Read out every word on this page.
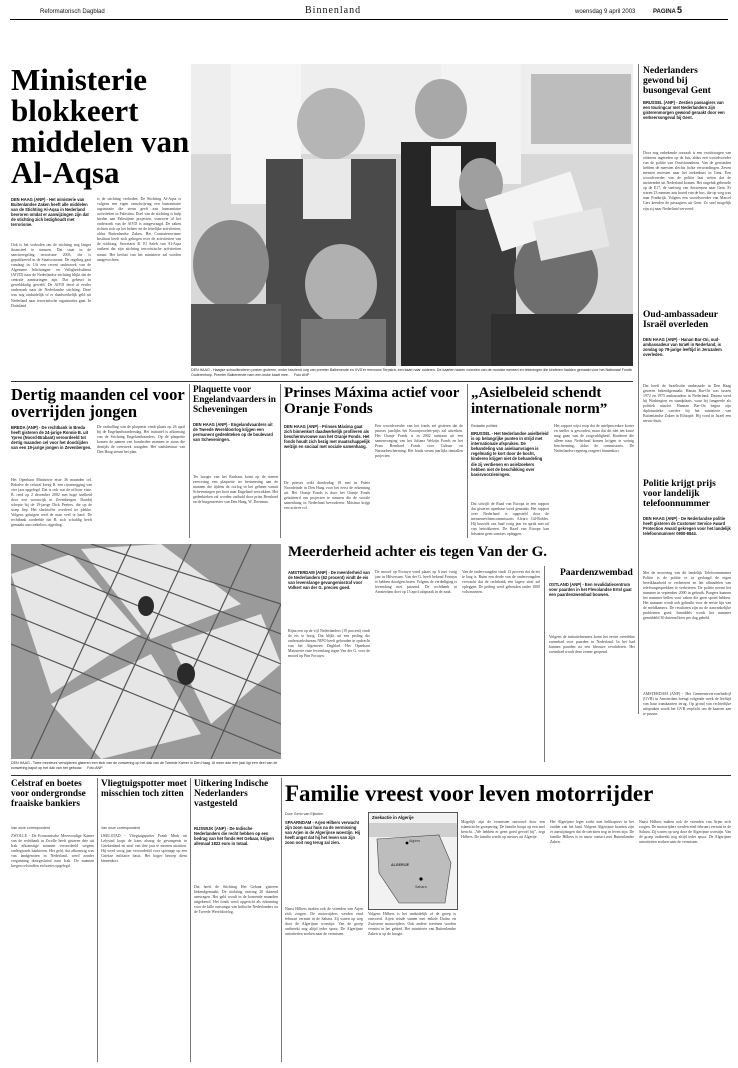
Reformatorisch Dagblad	Binnenland	woensdag 9 april 2003	PAGINA 5
Ministerie blokkeert middelen van Al-Aqsa
DEN HAAG (ANP) - Het ministerie van Buitenlandse Zaken heeft alle middelen van de Stichting Al-Aqsa in Nederland bevroren omdat er aanwijzingen zijn dat de stichting zich bezighoudt met terrorisme.
Ook is het verboden om de stichting nog langer financieel te steunen. Dat staat in de sanctieregeling terrorisme 2003, die is gepubliceerd in de Staatscourant. De regeling gaat vandaag in. Uit een recent onderzoek van de Algemene Inlichtingen- en Veiligheidsdienst (AIVD) naar de Nederlandse stichting blijkt dat de centrale aansturingen zijn. Dat gebeurt in gewelddadig geweld. De AIVD deed al eerder onderzoek naar de Nederlandse stichting. Deze was nog onduidelijk of er daadwerkelijk geld uit Nederland naar terroristische organisaties gaat. In Duitsland
is de stichting verboden. De Stichting Al-Aqsa is volgens een eigen omschrijving een humanitaire organisatie die steun geeft aan humanitaire activiteiten in Palestina. Doel van de stichting is hulp bieden aan Palestijnse projecten, waarover al het onderzoek van de AIVD is aangevraagd. De zaken richten zich op het beheer en de feitelijke activiteiten, aldus Buitenlandse Zaken. Het Contraterrorisme Instituut heeft zich gebogen over de activiteiten van de stichting. Secretaris R. El Saleh van Al-Aqsa ontkent dat zijn stichting terroristische activiteiten steunt. Het besluit van het ministerie zal worden aangevochten.
DEN HAAG - Haagse schoolkinderen posten gisteren, onder toeziend oog van premier Balkenende en VVD'er mevrouw Terpstra, een kaart naar ouderen. De kaarten waren voorzien van de mooiste wensen en tekeningen die kinderen hadden gemaakt voor het Nationaal Fonds Ouderenhulp. Premier Balkenende nam een leuke kaart mee. Foto ANP
Nederlanders gewond bij busongeval Gent
BRUSSEL (ANP) - Zestien passagiers van een touringcar met Nederlanders zijn gisterenmorgen gewond geraakt door een verkeersongeval bij Gent.
Door nog onbekende oorzaak is een vrachtwagen van achteren ingereden op de bus, aldus een woordvoerder van de politie van Oostvlaanderen. Van de gewonden hebben de meesten slechts lichte verwondingen. Zeven mensen moesten naar het ziekenhuis in Gent. Een woordvoerder van de politie laat weten dat de inzittenden uit Nederland komen. Het ongeluk gebeurde op de E17, de snelweg van Antwerpen naar Gent. Er waren 23 mensen aan boord van de bus, die op weg was naar Frankrijk. Volgens een woordvoerder van Marcel Cars keerden de passagiers uit Gent. Zo snel mogelijk zijn zij naar Nederland vervoerd.
Oud-ambassadeur Israël overleden
DEN HAAG (ANP) - Hanan Bar-On, oud-ambassadeur van Israël in Nederland, is zondag op 79-jarige leeftijd in Jeruzalem overleden.
Dat heeft de Israëlische ambassade in Den Haag gisteren bekendgemaakt. Hanan Bar-On was tussen 1972 en 1975 ambassadeur in Nederland. Daarna werd hij Washington en standplaats, waar hij fungeerde als politiek attaché. Hannan Bar-On begon zijn diplomatieke carrière bij het ministerie van Buitenlandse Zaken in Ethiopië. Hij vond in Israël een nieuw thuis.
Politie krijgt prijs voor landelijk telefoonnummer
DEN HAAG (ANP) - De Nederlandse politie heeft gisteren de Customer Service Award Protection Award gekregen voor het landelijk telefoonnummer 0900-8844.
Met de invoering van dit landelijk Telefoonnummer Politie is de politie er in geslaagd de eigen bereikbaarheid te verbeteren en het afhandelen van telefoongesprekken te verbeteren. De politie neemt het nummer in september 2000 in gebruik. Burgers kunnen het nummer bellen voor zaken die geen spoed hebben. Het nummer wordt ook gebruikt voor de eerste lijn van de meldkamers. De resultaten zijn na de aanvankelijke problemen goed. Inmiddels wordt het nummer gemiddeld 30 duizend keer per dag gebeld.
AMSTERDAM (ANP) - Het Gemeentevervoerbedrijf (GVB) in Amsterdam brengt volgende week de leeftijd van haar tramkaarten terug. Op grond van rechterlijke uitspraken wordt het GVB verplicht om de kaarten aan te passen.
Dertig maanden cel voor overrijden jongen
BREDA (ANP) - De rechtbank in Breda heeft gisteren de 24-jarige Ronnie B. uit Ypres (Noord-Brabant) veroordeeld tot dertig maanden cel voor het doodrijden van een 19-jarige jongen in Zevenbergen.
Het Openbaar Ministerie eiste 36 maanden cel. Behalve de celstraf kreeg B. een rijontzegging van vier jaar opgelegd. Dat is ook wat de officier eiste. B. reed op 2 december 2002 met hoge snelheid door een woonwijk in Zevenbergen. Daarbij schepte hij de 19-jarige Dick Peeters, die op de stoep liep. Het slachtoffer overleed ter plekke. Volgens getuigen reed de man veel te hard. De rechtbank oordeelde dat B. zich schuldig heeft gemaakt aan roekeloos rijgedrag.
De onthulling van de plaquette vindt plaats op 26 april bij de Engelandvaardersdag. Het initiatief is afkomstig van de Stichting Engelandvaarders. Op de plaquette komen de namen van honderden mannen te staan die destijds de oversteek waagden. Het stadsbestuur van Den Haag steunt het plan.
Plaquette voor Engelandvaarders in Scheveningen
DEN HAAG (ANP) - Engelandvaarders uit de Tweede Wereldoorlog krijgen een permanent gedenkteken op de boulevard van Scheveningen.
Ter hoogte van het Kurhaus komt op de stenen zeewering een plaquette ter herinnering aan de mannen die tijdens de oorlog in het geheim vanuit Scheveningen per boot naar Engeland vertrokken. Het gedenkteken zal worden onthuld door prins Bernhard en de burgemeester van Den Haag, W. Deetman.
Prinses Máxima actief voor Oranje Fonds
DEN HAAG (ANP) - Prinses Máxima gaat zich binnenkort daadwerkelijk profileren als beschermvrouwe van het Oranje Fonds. Het fonds houdt zich bezig met maatschappelijk welzijn en sociaal met sociale samenhang.
De prinses reikt donderdag 18 mei in Paleis Noordeinde in Den Haag voor het eerst de erkenning uit. Het Oranje Fonds is door het Oranje Fonds geïnitieerd om projecten te steunen die de sociale samenhang in Nederland bevorderen. Máxima krijgt een actieve rol.
Een woordvoerder van het fonds zei gisteren dat de prinses jaarlijks het Kroonjuwelen-prijs zal uitreiken. Het Oranje Fonds is in 2002 ontstaan uit een samenvoeging van het Juliana Welzijn Fonds en het Prins Bernhard Fonds voor Cultuur en Natuurbescherming. Het fonds steunt jaarlijks tientallen projecten.
„Asielbeleid schendt internationale norm”
Redactie politiek
BRUSSEL - Het Nederlandse asielbeleid is op belangrijke punten in strijd met internationale afspraken. De behandeling van asielaanvragen is regelmatig te kort door de bocht, kinderen krijgen niet de behandeling die zij verdienen en asielzoekers hebben niet de beschikking over basisvoorzieningen.
Dat schrijft de Raad van Europa in een rapport dat gisteren openbaar werd gemaakt. Het rapport over Nederland is opgesteld door de mensenrechtencommissaris Alvaro Gil-Robles. Hij bezocht ons land vorig jaar en sprak met tal van betrokkenen. De Raad van Europa kan lidstaten geen sancties opleggen.
Het rapport wijst erop dat de asielprocedure korter en sneller is geworden, maar dat dit niet ten koste mag gaan van de zorgvuldigheid. Kinderen die alleen naar Nederland komen krijgen te weinig bescherming, aldus de commissaris. De Nederlandse regering reageert binnenkort.
DEN HAAG - Twee monteurs verwijderen gisteren een stuk van de zonwering op het dak van de Tweede Kamer in Den Haag. Al meer dan een jaar ligt een deel van de zonwering kapot op het dak van het gebouw. Foto ANP
Meerderheid achter eis tegen Van der G.
AMSTERDAM (ANP) - De meerderheid van de Nederlanders (62 procent) vindt de eis van levenslange gevangenisstraf voor Volkert van der G. precies goed.
Bijna een op de vijf Nederlanders (19 procent) vindt de eis te hoog. Dat blijkt uit een peiling die onderzoeksbureau NIPO heeft gehouden in opdracht van het Algemeen Dagblad. Het Openbaar Ministerie eiste levenslang tegen Van der G. voor de moord op Pim Fortuyn.
De moord op Fortuyn vond plaats op 6 mei vorig jaar in Hilversum. Van der G. heeft bekend Fortuyn te hebben doodgeschoten. Volgens de verdediging is levenslang niet passend. De rechtbank in Amsterdam doet op 15 april uitspraak in de zaak.
Van de ondervraagden vindt 13 procent dat de eis te laag is. Ruim een derde van de ondervraagden verwacht dat de rechtbank een lagere straf zal opleggen. De peiling werd gehouden onder 1000 volwassenen.
Paardenzwembad
OSTLAND (ANP) - Een revalidatiecentrum voor paarden in het Flevolandse Ertsl gaat een paardenzwembad bouwen.
Volgens de initiatiefnemers komt het eerste overdekte zwembad voor paarden in Nederland. In het bad kunnen paarden na een blessure revalideren. Het zwembad wordt deze zomer geopend.
Celstraf en boetes voor ondergrondse fraaiske bankiers
Van onze correspondent
ZWOLLE - De Economische Meervoudige Kamer van de rechtbank in Zwolle heeft gisteren drie uit Irak afkomstige mannen veroordeeld wegens ondergronds bankieren. Het geld, dat afkomstig was van landgenoten in Nederland, werd zonder vergunning doorgesluisd naar Irak. De mannen kregen celstraffen en boetes opgelegd.
Vliegtuigspotter moet misschien toch zitten
Van onze correspondent
IJSELSTAD - Vliegtuigspotter Frank Mink uit Lelystad loopt de kans alsnog de gevangenis in Griekenland en straf van drie jaar te moeten uitzitten. Hij werd vorig jaar veroordeeld voor spionage op een Griekse militaire basis. Het hoger beroep dient binnenkort.
Uitkering Indische Nederlanders vastgesteld
RIJSWIJK (ANP) - De Indische Nederlanders die recht hebben op een bedrag van het fonds Het Gebaar, krijgen allemaal 1822 euro in totaal.
Dat heeft de Stichting Het Gebaar gisteren bekendgemaakt. De stichting ontving 20 duizend aanvragen. Het geld wordt in de komende maanden uitgekeerd. Het fonds werd opgericht als erkenning voor de kille ontvangst van Indische Nederlanders na de Tweede Wereldoorlog.
Familie vreest voor leven motorrijder
Door Gerlo van Eijkelen
SPAARNDAM - Arjen Hilbers verwacht zijn zoon naar huis na de vermissing van Arjen in de Algerijnse woestijn. Hij heeft angst dat hij het leven van zijn zoon ooit nog terug zal zien.
Naast Hilbers maken ook de vrienden van Arjen zich zorgen. De motorrijders werden eind februari vermist in de Sahara. Zij waren op weg door de Algerijnse woestijn. Van de groep ontbreekt nog altijd ieder spoor. De Algerijnse autoriteiten zoeken naar de vermisten.
Zoekactie in Algerije
Algiers
ALGERIJE
Sahara
Volgens Hilbers is het onduidelijk of de groep is ontvoerd. Arjen reisde samen met enkele Duitse en Zwitserse motorrijders. Ook andere toeristen worden vermist in het gebied. Het ministerie van Buitenlandse Zaken is op de hoogte.
Mogelijk zijn de vermisten ontvoerd door een islamitische groepering. De familie hoopt op een snel bericht. „We hebben er geen goed gevoel bij”, zegt Hilbers. De familie wacht op nieuws uit Algerije.
Het Algerijnse leger zoekt met helikopters in het zuiden van het land. Volgens Algerijnse kranten zijn er aanwijzingen dat de toeristen nog in leven zijn. De familie Hilbers is in nauw contact met Buitenlandse Zaken.
Naast Hilbers maken ook de vrienden van Arjen zich zorgen. De motorrijders werden eind februari vermist in de Sahara. Zij waren op weg door de Algerijnse woestijn. Van de groep ontbreekt nog altijd ieder spoor. De Algerijnse autoriteiten zoeken naar de vermisten.
